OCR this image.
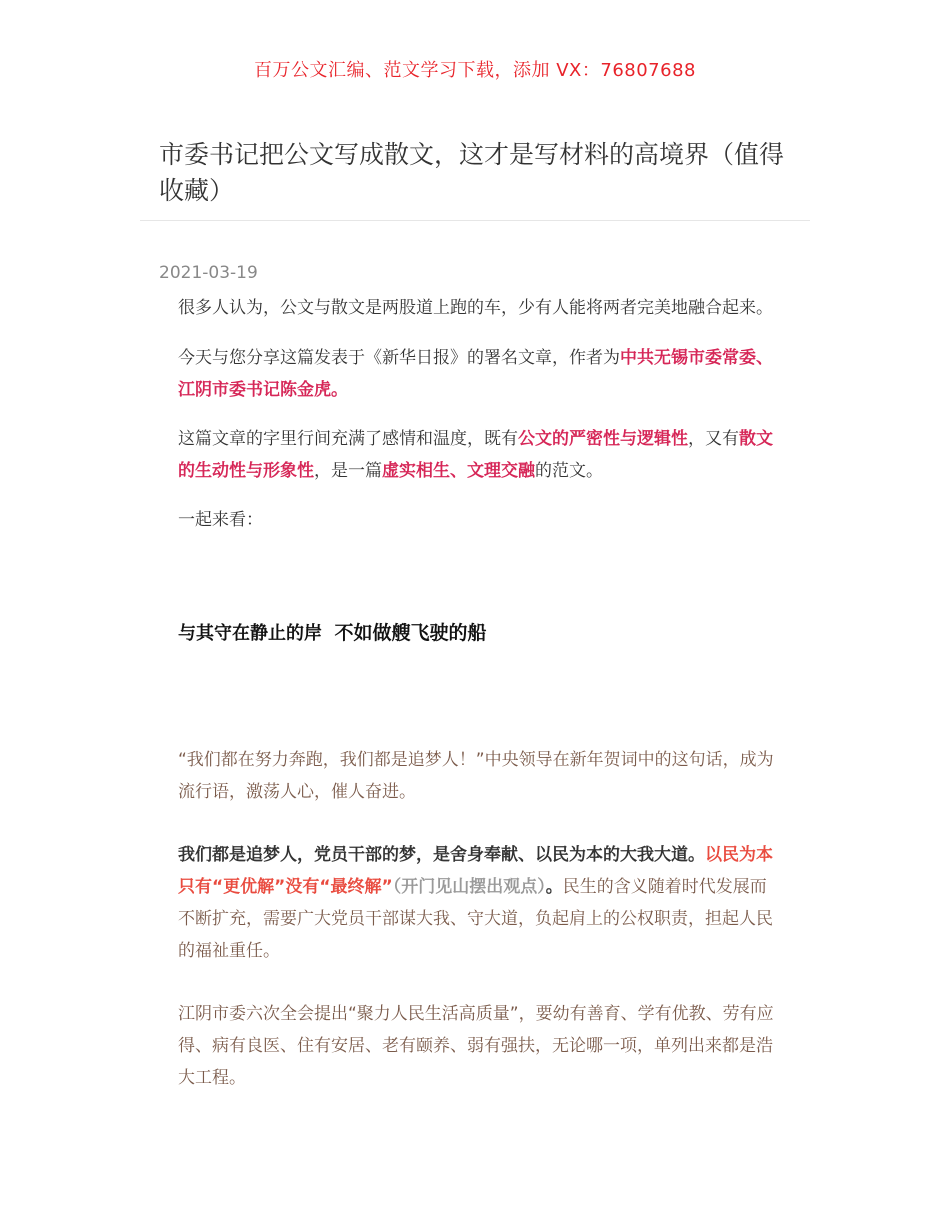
百万公文汇编、范文学习下载，添加 VX：76807688
市委书记把公文写成散文，这才是写材料的高境界（值得收藏）
2021-03-19

很多人认为，公文与散文是两股道上跑的车，少有人能将两者完美地融合起来。

今天与您分享这篇发表于《新华日报》的署名文章，作者为中共无锡市委常委、江阴市委书记陈金虎。

这篇文章的字里行间充满了感情和温度，既有公文的严密性与逻辑性，又有散文的生动性与形象性，是一篇虚实相生、文理交融的范文。

一起来看：

与其守在静止的岸 不如做艘飞驶的船

“我们都在努力奔跑，我们都是追梦人！”中央领导在新年贺词中的这句话，成为流行语，激荡人心，催人奋进。

我们都是追梦人，党员干部的梦，是舍身奉献、以民为本的大我大道。以民为本只有“更优解”没有“最终解”（开门见山摆出观点）。民生的含义随着时代发展而不断扩充，需要广大党员干部谋大我、守大道，负起肩上的公权职责，担起人民的福祉重任。

江阴市委六次全会提出“聚力人民生活高质量”，要幼有善育、学有优教、劳有应得、病有良医、住有安居、老有颐养、弱有强扶，无论哪一项，单列出来都是浩大工程。
